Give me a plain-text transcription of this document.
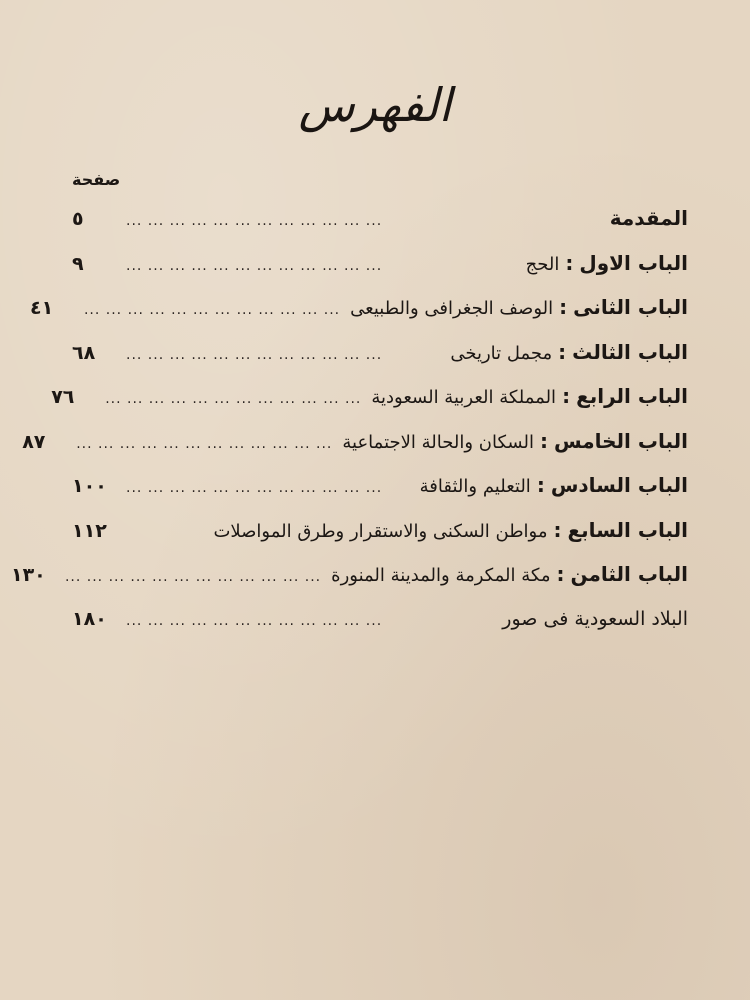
الفهرس
صفحة
المقدمة
... ... ... ... ... ... ... ... ... ... ... ...
٥
الباب الاول
:
الحج
... ... ... ... ... ... ... ... ... ... ... ...
٩
الباب الثانى
:
الوصف الجغرافى والطبيعى
... ... ... ... ... ... ... ... ... ... ... ...
٤١
الباب الثالث
:
مجمل تاريخى
... ... ... ... ... ... ... ... ... ... ... ...
٦٨
الباب الرابع
:
المملكة العربية السعودية
... ... ... ... ... ... ... ... ... ... ... ...
٧٦
الباب الخامس
:
السكان والحالة الاجتماعية
... ... ... ... ... ... ... ... ... ... ... ...
٨٧
الباب السادس
:
التعليم والثقافة
... ... ... ... ... ... ... ... ... ... ... ...
١٠٠
الباب السابع
:
مواطن السكنى والاستقرار وطرق المواصلات
١١٢
الباب الثامن
:
مكة المكرمة والمدينة المنورة
... ... ... ... ... ... ... ... ... ... ... ...
١٣٠
البلاد السعودية فى صور
... ... ... ... ... ... ... ... ... ... ... ...
١٨٠
